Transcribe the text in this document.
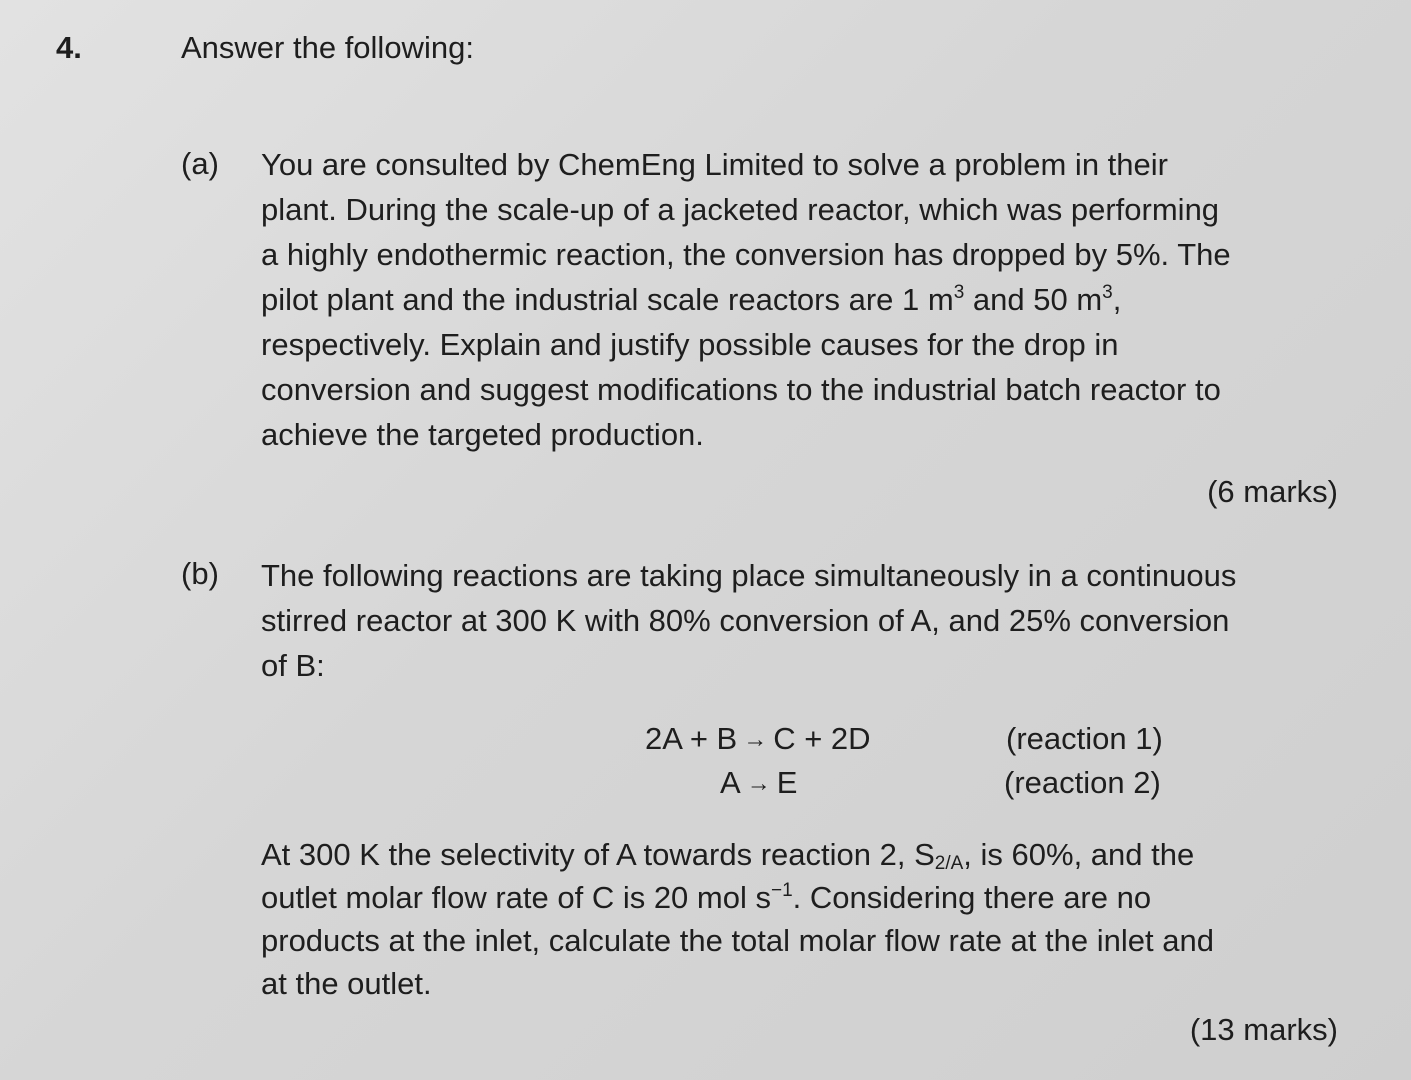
4.	Answer the following:
(a) You are consulted by ChemEng Limited to solve a problem in their
plant. During the scale-up of a jacketed reactor, which was performing
a highly endothermic reaction, the conversion has dropped by 5%. The
pilot plant and the industrial scale reactors are 1 $m^3$ and 50 $m^3$,
respectively. Explain and justify possible causes for the drop in
conversion and suggest modifications to the industrial batch reactor to
achieve the targeted production.
(6 marks)
(b) The following reactions are taking place simultaneously in a continuous
stirred reactor at 300 K with 80% conversion of A, and 25% conversion
of B:
2A + B → C + 2D	(reaction 1)
A → E	(reaction 2)
At 300 K the selectivity of A towards reaction 2, $S_{2/A}$, is 60%, and the
outlet molar flow rate of C is 20 mol $s^{-1}$. Considering there are no
products at the inlet, calculate the total molar flow rate at the inlet and
at the outlet.
(13 marks)
